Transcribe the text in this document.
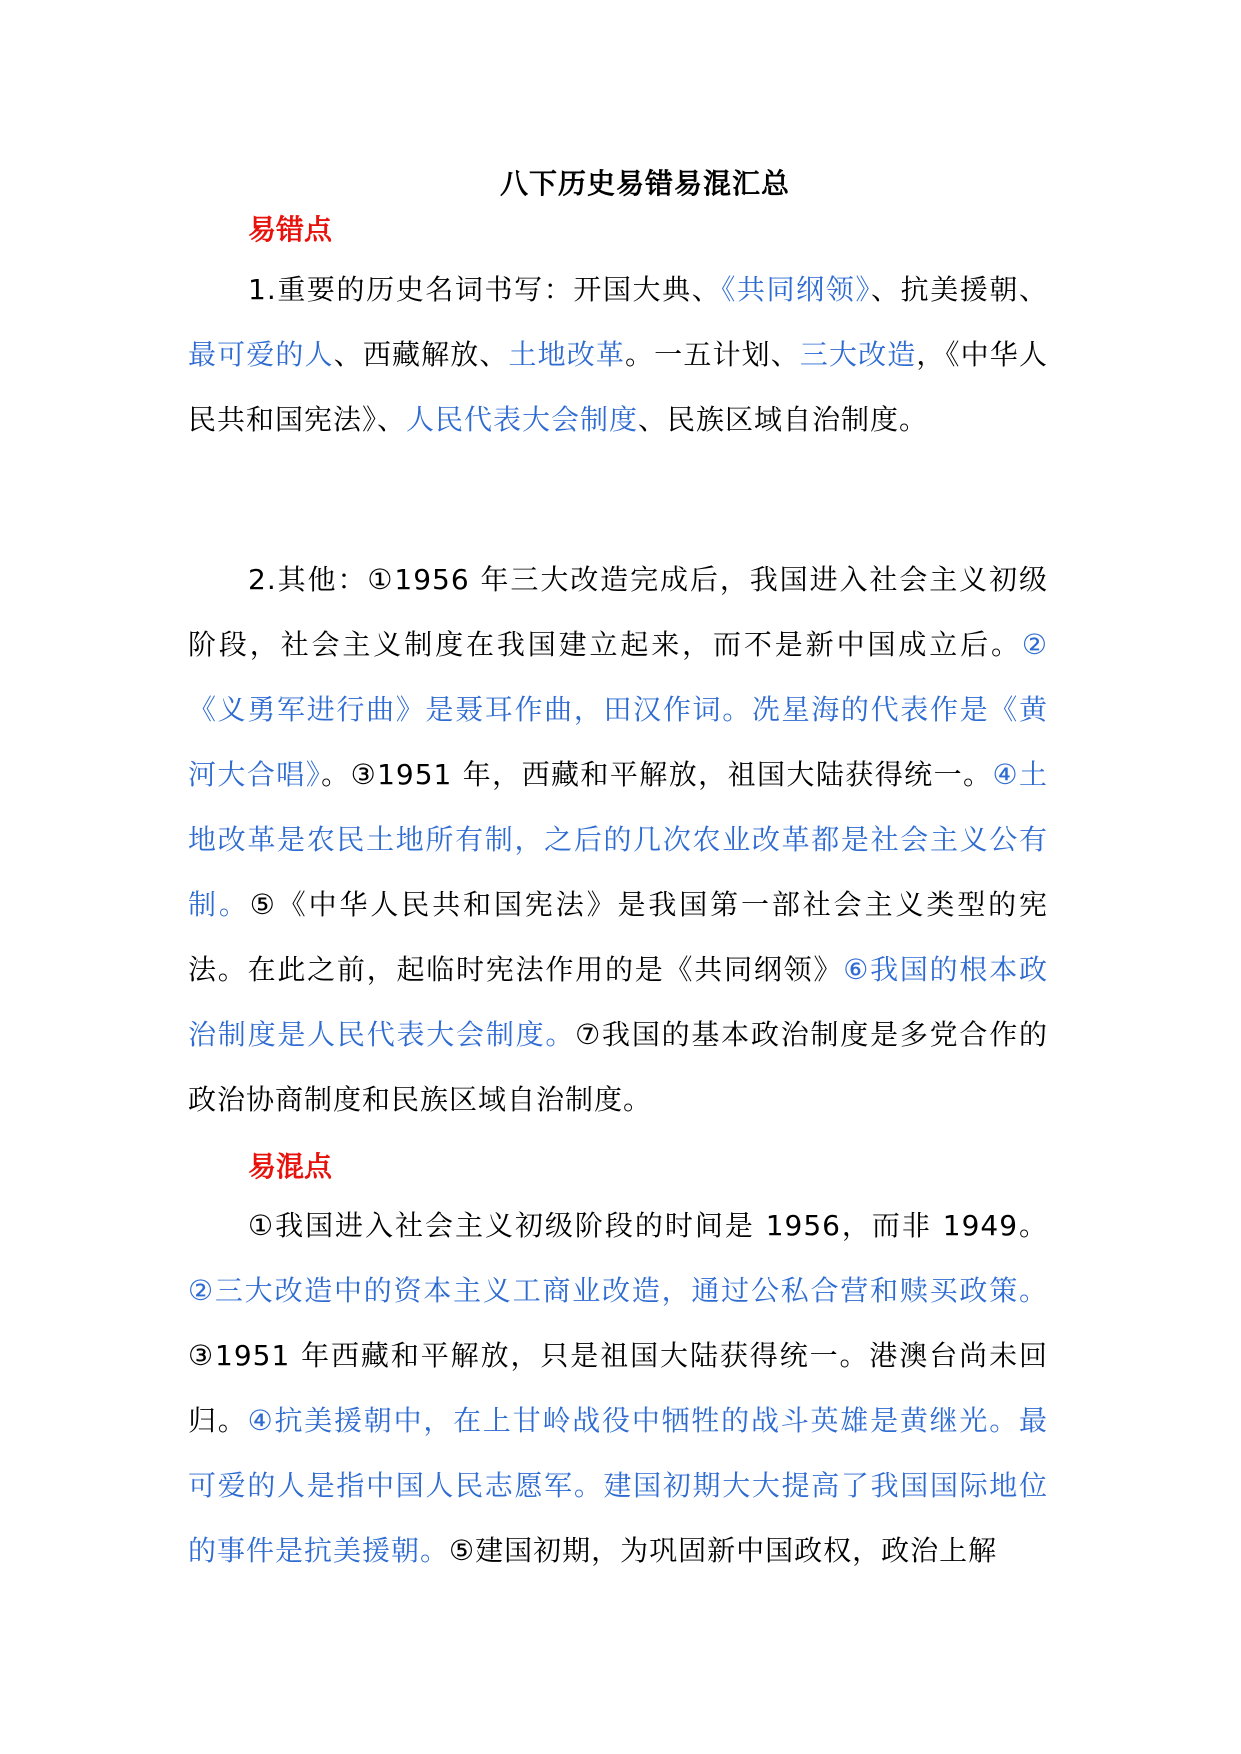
八下历史易错易混汇总
易错点

1.重要的历史名词书写：开国大典、《共同纲领》、抗美援朝、最可爱的人、西藏解放、土地改革。一五计划、三大改造，《中华人民共和国宪法》、人民代表大会制度、民族区域自治制度。

2.其他：①1956 年三大改造完成后，我国进入社会主义初级阶段，社会主义制度在我国建立起来，而不是新中国成立后。②《义勇军进行曲》是聂耳作曲，田汉作词。冼星海的代表作是《黄河大合唱》。③1951 年，西藏和平解放，祖国大陆获得统一。④土地改革是农民土地所有制，之后的几次农业改革都是社会主义公有制。⑤《中华人民共和国宪法》是我国第一部社会主义类型的宪法。在此之前，起临时宪法作用的是《共同纲领》⑥我国的根本政治制度是人民代表大会制度。⑦我国的基本政治制度是多党合作的政治协商制度和民族区域自治制度。

易混点

①我国进入社会主义初级阶段的时间是 1956，而非 1949。②三大改造中的资本主义工商业改造，通过公私合营和赎买政策。③1951 年西藏和平解放，只是祖国大陆获得统一。港澳台尚未回归。④抗美援朝中，在上甘岭战役中牺牲的战斗英雄是黄继光。最可爱的人是指中国人民志愿军。建国初期大大提高了我国国际地位的事件是抗美援朝。⑤建国初期，为巩固新中国政权，政治上解
